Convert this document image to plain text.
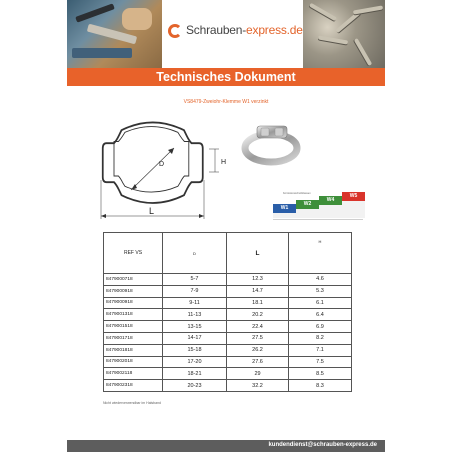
Schrauben-express.de
Technisches Dokument
VS8479-Zweiohr-Klemme W1 verzinkt
D	H
L
Korrosionsschutzklassen
W1
W2
W4
W5
REF VS	D	L	H
8479000718	5-7	12.3	4.6
8479000918	7-9	14.7	5.3
8479000918	9-11	18.1	6.1
8479001318	11-13	20.2	6.4
8479001518	13-15	22.4	6.9
8479001718	14-17	27.5	8.2
8479001818	15-18	26.2	7.1
8479002018	17-20	27.6	7.5
8479002118	18-21	29	8.5
8479002318	20-23	32.2	8.3
Nicht wiederverwendbar im Halsband
kundendienst@schrauben-express.de
